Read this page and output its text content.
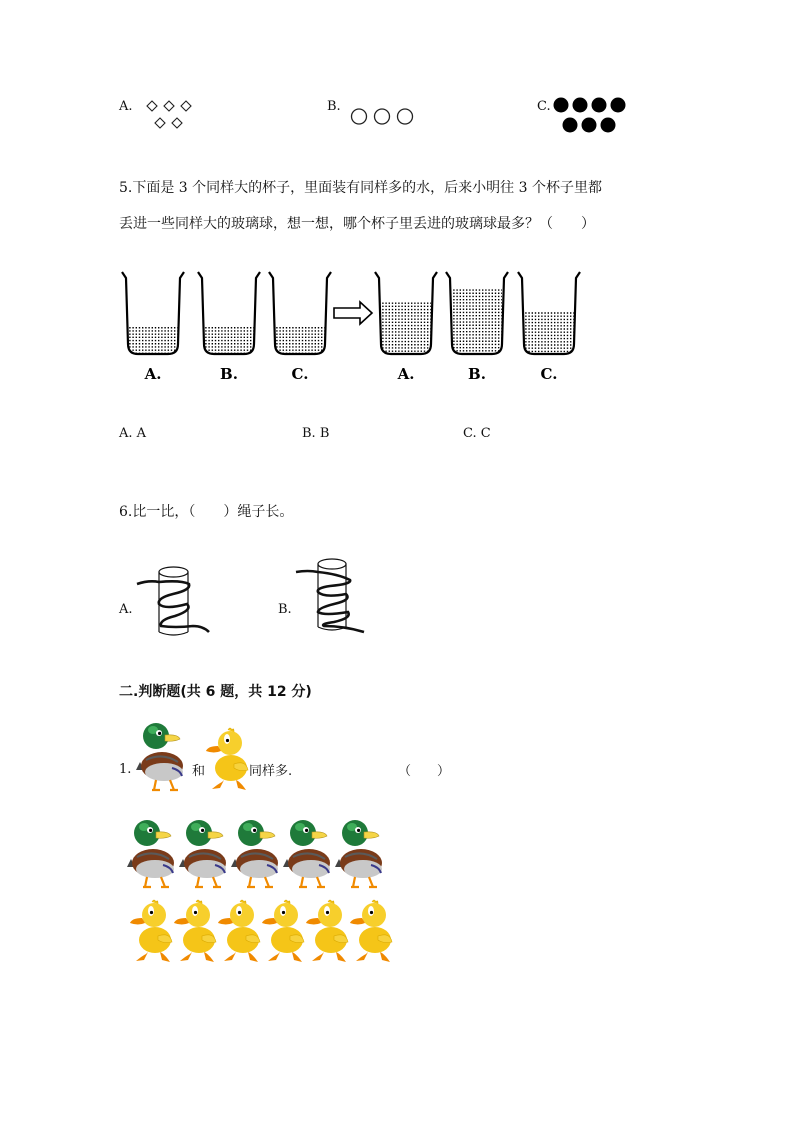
A.	B.	C.
5.下面是 3 个同样大的杯子，里面装有同样多的水，后来小明往 3 个杯子里都
丢进一些同样大的玻璃球，想一想，哪个杯子里丢进的玻璃球最多？（　　）
A.	B.	C.	A.	B.	C.
A. A	B. B	C. C
6.比一比，（　　）绳子长。
A.	B.
二.判断题(共 6 题，共 12 分)
1.	和	同样多.	（　　）
